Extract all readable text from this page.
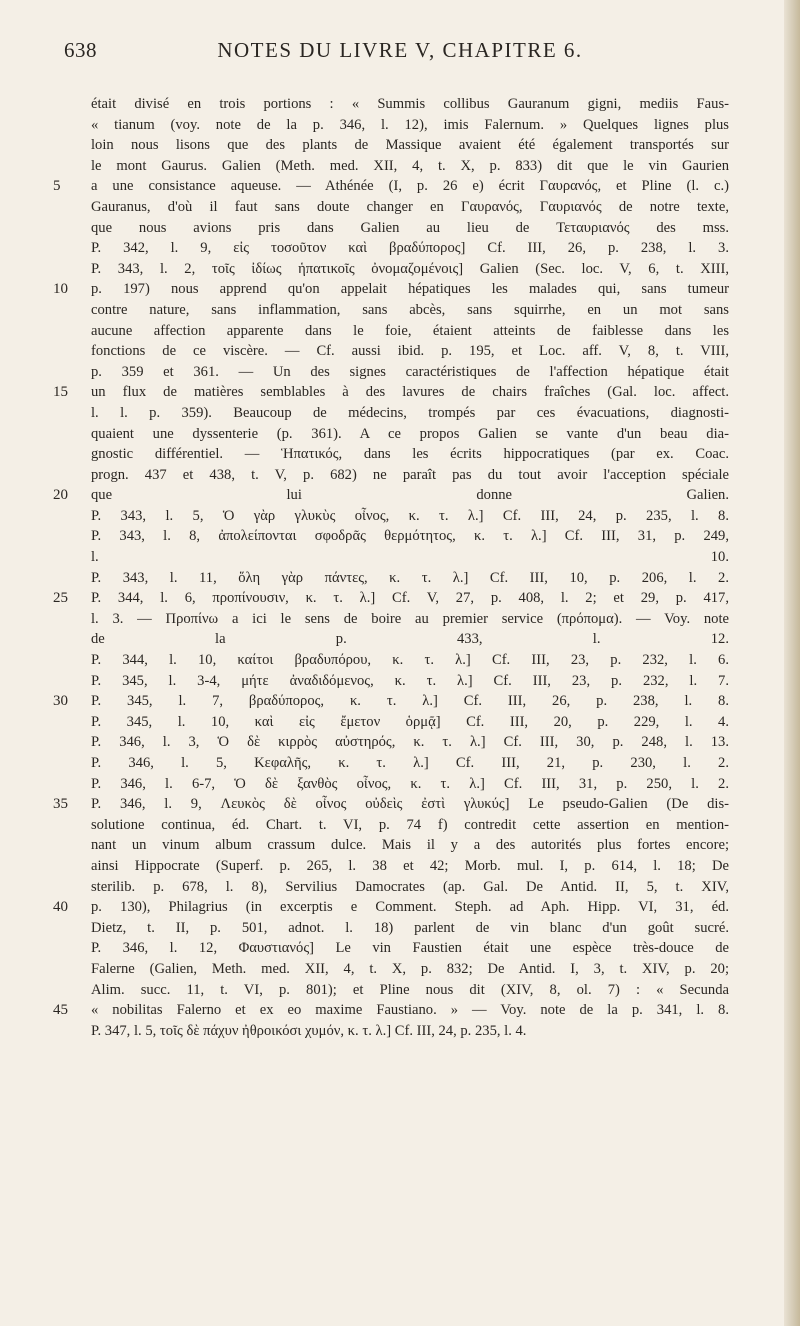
638	NOTES DU LIVRE V, CHAPITRE 6.
était divisé en trois portions : « Summis collibus Gauranum gigni, mediis Faus-
« tianum (voy. note de la p. 346, l. 12), imis Falernum. » Quelques lignes plus
loin nous lisons que des plants de Massique avaient été également transportés sur
le mont Gaurus. Galien (Meth. med. XII, 4, t. X, p. 833) dit que le vin Gaurien
5	a une consistance aqueuse. — Athénée (I, p. 26 e) écrit Γαυρανός, et Pline (l. c.)
Gauranus, d'où il faut sans doute changer en Γαυρανός, Γαυριανός de notre texte,
que nous avions pris dans Galien au lieu de Τεταυριανός des mss.
P. 342, l. 9, εἰς τοσοῦτον καὶ βραδύπορος] Cf. III, 26, p. 238, l. 3.
P. 343, l. 2, τοῖς ἰδίως ἡπατικοῖς ὀνομαζομένοις] Galien (Sec. loc. V, 6, t. XIII,
10	p. 197) nous apprend qu'on appelait hépatiques les malades qui, sans tumeur
contre nature, sans inflammation, sans abcès, sans squirrhe, en un mot sans
aucune affection apparente dans le foie, étaient atteints de faiblesse dans les
fonctions de ce viscère. — Cf. aussi ibid. p. 195, et Loc. aff. V, 8, t. VIII,
p. 359 et 361. — Un des signes caractéristiques de l'affection hépatique était
15	un flux de matières semblables à des lavures de chairs fraîches (Gal. loc. affect.
l. l. p. 359). Beaucoup de médecins, trompés par ces évacuations, diagnosti-
quaient une dyssenterie (p. 361). A ce propos Galien se vante d'un beau dia-
gnostic différentiel. — Ἡπατικός, dans les écrits hippocratiques (par ex. Coac.
progn. 437 et 438, t. V, p. 682) ne paraît pas du tout avoir l'acception spéciale
20	que lui donne Galien.
P. 343, l. 5, Ὁ γὰρ γλυκὺς οἶνος, κ. τ. λ.] Cf. III, 24, p. 235, l. 8.
P. 343, l. 8, ἀπολείπονται σφοδρᾶς θερμότητος, κ. τ. λ.] Cf. III, 31, p. 249,
l. 10.
P. 343, l. 11, ὅλη γὰρ πάντες, κ. τ. λ.] Cf. III, 10, p. 206, l. 2.
25	P. 344, l. 6, προπίνουσιν, κ. τ. λ.] Cf. V, 27, p. 408, l. 2; et 29, p. 417,
l. 3. — Προπίνω a ici le sens de boire au premier service (πρόπομα). — Voy. note
de la p. 433, l. 12.
P. 344, l. 10, καίτοι βραδυπόρου, κ. τ. λ.] Cf. III, 23, p. 232, l. 6.
P. 345, l. 3-4, μήτε ἀναδιδόμενος, κ. τ. λ.] Cf. III, 23, p. 232, l. 7.
30	P. 345, l. 7, βραδύπορος, κ. τ. λ.] Cf. III, 26, p. 238, l. 8.
P. 345, l. 10, καὶ εἰς ἔμετον ὁρμᾷ] Cf. III, 20, p. 229, l. 4.
P. 346, l. 3, Ὁ δὲ κιρρὸς αὐστηρός, κ. τ. λ.] Cf. III, 30, p. 248, l. 13.
P. 346, l. 5, Κεφαλῆς, κ. τ. λ.] Cf. III, 21, p. 230, l. 2.
P. 346, l. 6-7, Ὁ δὲ ξανθὸς οἶνος, κ. τ. λ.] Cf. III, 31, p. 250, l. 2.
35	P. 346, l. 9, Λευκὸς δὲ οἶνος οὐδεὶς ἐστὶ γλυκύς] Le pseudo-Galien (De dis-
solutione continua, éd. Chart. t. VI, p. 74 f) contredit cette assertion en mention-
nant un vinum album crassum dulce. Mais il y a des autorités plus fortes encore;
ainsi Hippocrate (Superf. p. 265, l. 38 et 42; Morb. mul. I, p. 614, l. 18; De
sterilib. p. 678, l. 8), Servilius Damocrates (ap. Gal. De Antid. II, 5, t. XIV,
40	p. 130), Philagrius (in excerptis e Comment. Steph. ad Aph. Hipp. VI, 31, éd.
Dietz, t. II, p. 501, adnot. l. 18) parlent de vin blanc d'un goût sucré.
P. 346, l. 12, Φαυστιανός] Le vin Faustien était une espèce très-douce de
Falerne (Galien, Meth. med. XII, 4, t. X, p. 832; De Antid. I, 3, t. XIV, p. 20;
Alim. succ. 11, t. VI, p. 801); et Pline nous dit (XIV, 8, ol. 7) : « Secunda
45	« nobilitas Falerno et ex eo maxime Faustiano. » — Voy. note de la p. 341, l. 8.
P. 347, l. 5, τοῖς δὲ πάχυν ἠθροικόσι χυμόν, κ. τ. λ.] Cf. III, 24, p. 235, l. 4.
